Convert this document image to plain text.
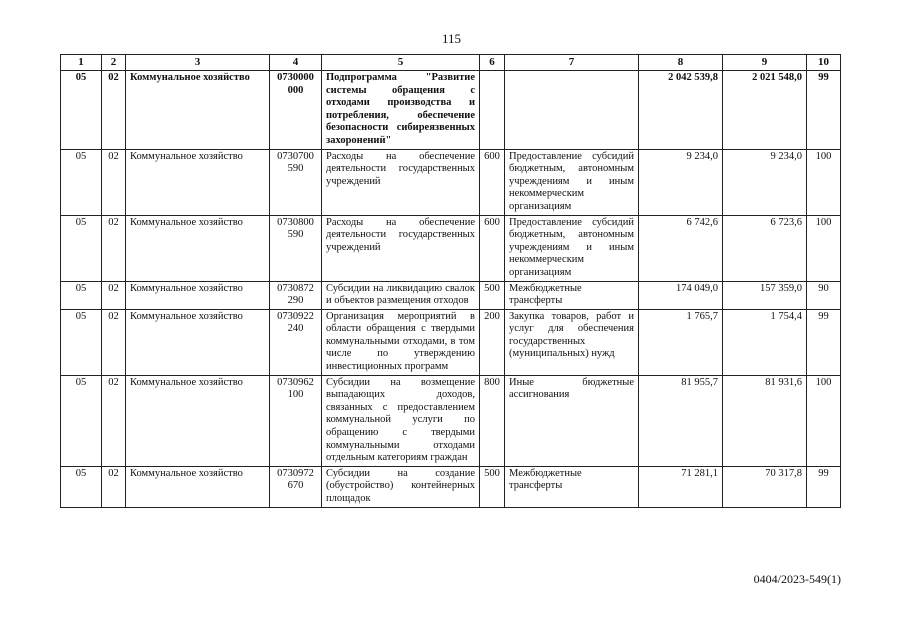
115
1	2	3	4	5	6	7	8	9	10
05	02	Коммунальное хозяйство	0730000 000	Подпрограмма "Развитие системы обращения с отходами производства и потребления, обеспечение безопасности сибиреязвенных захоронений"			2 042 539,8	2 021 548,0	99
05	02	Коммунальное хозяйство	0730700 590	Расходы на обеспечение деятельности государственных учреждений	600	Предоставление субсидий бюджетным, автономным учреждениям и иным некоммерческим организациям	9 234,0	9 234,0	100
05	02	Коммунальное хозяйство	0730800 590	Расходы на обеспечение деятельности государственных учреждений	600	Предоставление субсидий бюджетным, автономным учреждениям и иным некоммерческим организациям	6 742,6	6 723,6	100
05	02	Коммунальное хозяйство	0730872 290	Субсидии на ликвидацию свалок и объектов размещения отходов	500	Межбюджетные трансферты	174 049,0	157 359,0	90
05	02	Коммунальное хозяйство	0730922 240	Организация мероприятий в области обращения с твердыми коммунальными отходами, в том числе по утверждению инвестиционных программ	200	Закупка товаров, работ и услуг для обеспечения государственных (муниципальных) нужд	1 765,7	1 754,4	99
05	02	Коммунальное хозяйство	0730962 100	Субсидии на возмещение выпадающих доходов, связанных с предоставлением коммунальной услуги по обращению с твердыми коммунальными отходами отдельным категориям граждан	800	Иные бюджетные ассигнования	81 955,7	81 931,6	100
05	02	Коммунальное хозяйство	0730972 670	Субсидии на создание (обустройство) контейнерных площадок	500	Межбюджетные трансферты	71 281,1	70 317,8	99
0404/2023-549(1)
